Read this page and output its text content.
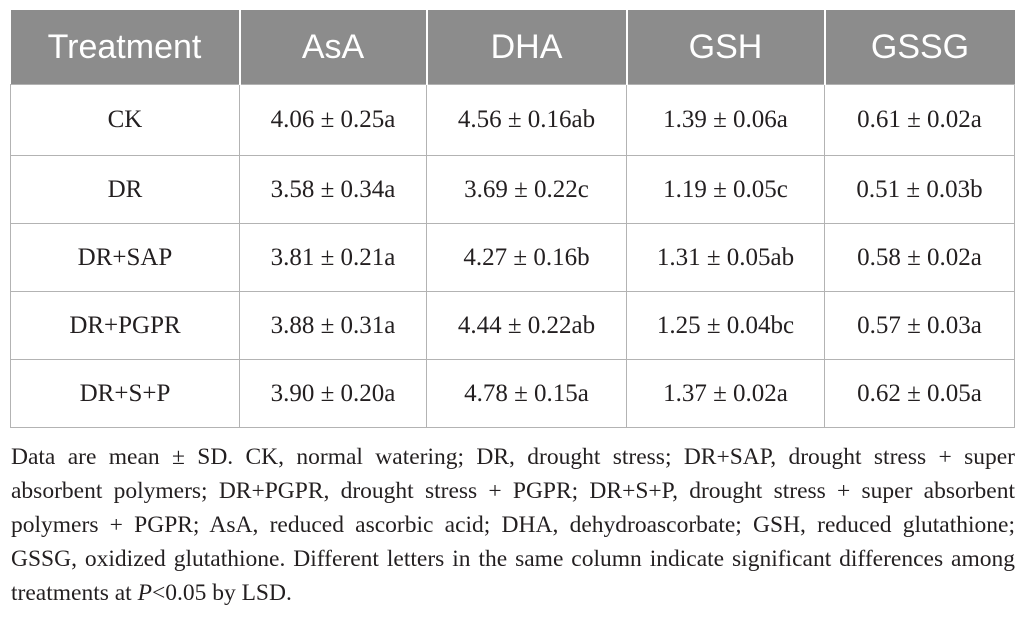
Treatment	AsA	DHA	GSH	GSSG
CK	4.06 ± 0.25a	4.56 ± 0.16ab	1.39 ± 0.06a	0.61 ± 0.02a
DR	3.58 ± 0.34a	3.69 ± 0.22c	1.19 ± 0.05c	0.51 ± 0.03b
DR+SAP	3.81 ± 0.21a	4.27 ± 0.16b	1.31 ± 0.05ab	0.58 ± 0.02a
DR+PGPR	3.88 ± 0.31a	4.44 ± 0.22ab	1.25 ± 0.04bc	0.57 ± 0.03a
DR+S+P	3.90 ± 0.20a	4.78 ± 0.15a	1.37 ± 0.02a	0.62 ± 0.05a

Data are mean ± SD. CK, normal watering; DR, drought stress; DR+SAP, drought stress + super absorbent polymers; DR+PGPR, drought stress + PGPR; DR+S+P, drought stress + super absorbent polymers + PGPR; AsA, reduced ascorbic acid; DHA, dehydroascorbate; GSH, reduced glutathione; GSSG, oxidized glutathione. Different letters in the same column indicate significant differences among treatments at P<0.05 by LSD.
